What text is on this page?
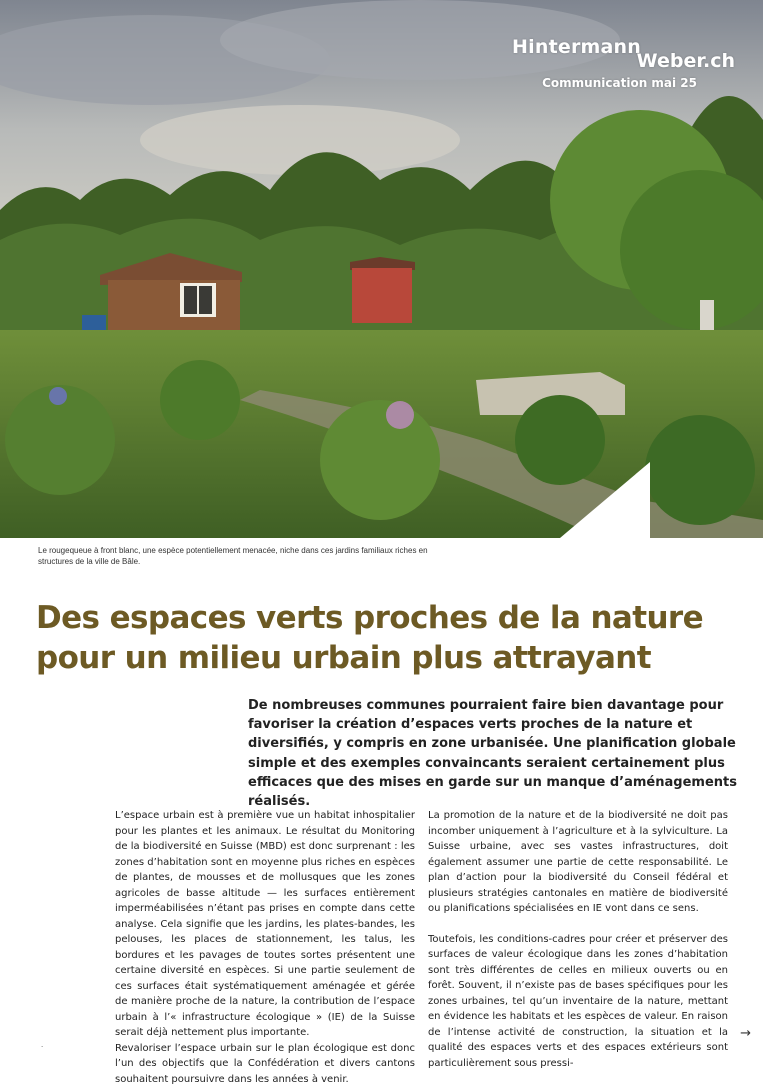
Hintermann
Weber.ch
Communication mai 25
Le rougequeue à front blanc, une espèce potentiellement menacée, niche dans ces jardins familiaux riches en structures de la ville de Bâle.
Des espaces verts proches de la nature
pour un milieu urbain plus attrayant

De nombreuses communes pourraient faire bien davantage pour favoriser la création d’espaces verts proches de la nature et diversifiés, y compris en zone urbanisée. Une planification globale simple et des exemples convaincants seraient certainement plus efficaces que des mises en garde sur un manque d’aménagements réalisés.

L’espace urbain est à première vue un habitat inhospitalier pour les plantes et les animaux. Le résultat du Monitoring de la biodiversité en Suisse (MBD) est donc surprenant : les zones d’habitation sont en moyenne plus riches en espèces de plantes, de mousses et de mollusques que les zones agricoles de basse altitude — les surfaces entièrement imperméabilisées n’étant pas prises en compte dans cette analyse. Cela signifie que les jardins, les plates-bandes, les pelouses, les places de stationnement, les talus, les bordures et les pavages de toutes sortes présentent une certaine diversité en espèces. Si une partie seulement de ces surfaces était systématiquement aménagée et gérée de manière proche de la nature, la contribution de l’espace urbain à l’« infrastructure écologique » (IE) de la Suisse serait déjà nettement plus importante.

Revaloriser l’espace urbain sur le plan écologique est donc l’un des objectifs que la Confédération et divers cantons souhaitent poursuivre dans les années à venir.

La promotion de la nature et de la biodiversité ne doit pas incomber uniquement à l’agriculture et à la sylviculture. La Suisse urbaine, avec ses vastes infrastructures, doit également assumer une partie de cette responsabilité. Le plan d’action pour la biodiversité du Conseil fédéral et plusieurs stratégies cantonales en matière de biodiversité ou planifications spécialisées en IE vont dans ce sens.

Toutefois, les conditions-cadres pour créer et préserver des surfaces de valeur écologique dans les zones d’habitation sont très différentes de celles en milieux ouverts ou en forêt. Souvent, il n’existe pas de bases spécifiques pour les zones urbaines, tel qu’un inventaire de la nature, mettant en évidence les habitats et les espèces de valeur. En raison de l’intense activité de construction, la situation et la qualité des espaces verts et des espaces extérieurs sont particulièrement sous pressi-

→
.
